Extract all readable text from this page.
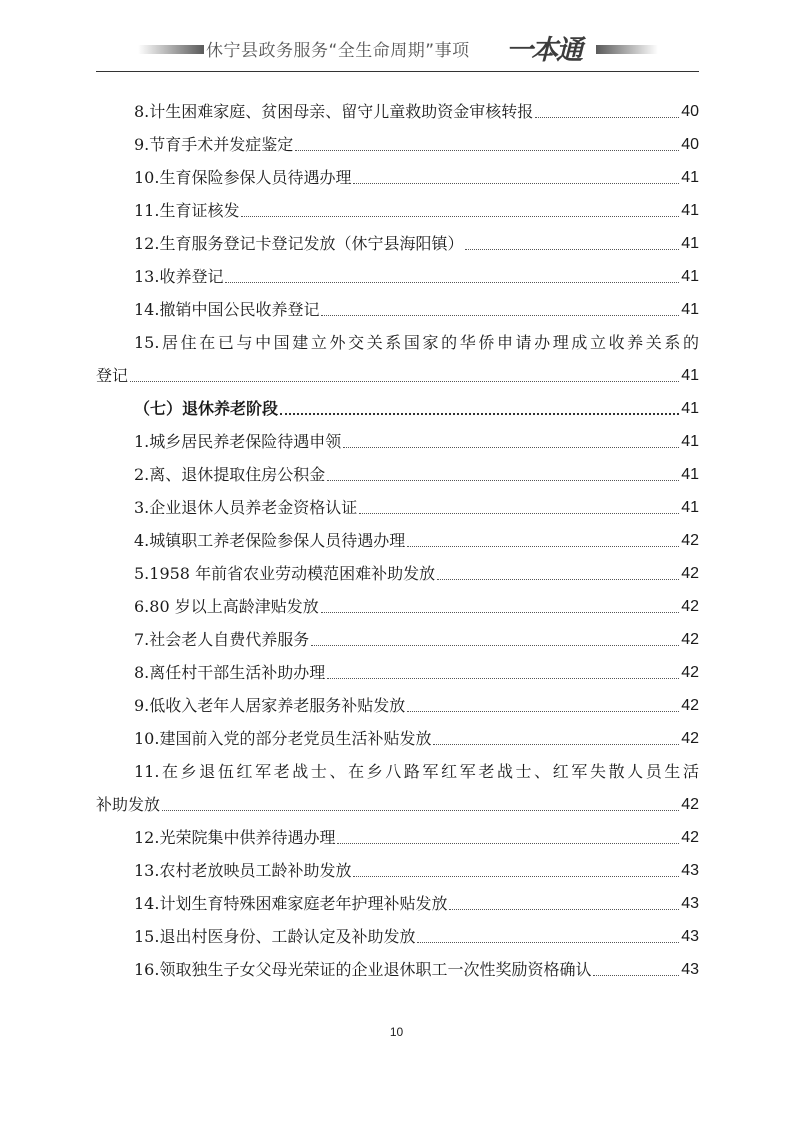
休宁县政务服务“全生命周期”事项 一本通
8.计生困难家庭、贫困母亲、留守儿童救助资金审核转报	40
9.节育手术并发症鉴定	40
10.生育保险参保人员待遇办理	41
11.生育证核发	41
12.生育服务登记卡登记发放（休宁县海阳镇）	41
13.收养登记	41
14.撤销中国公民收养登记	41
15.居住在已与中国建立外交关系国家的华侨申请办理成立收养关系的
登记	41
（七）退休养老阶段	41
1.城乡居民养老保险待遇申领	41
2.离、退休提取住房公积金	41
3.企业退休人员养老金资格认证	41
4.城镇职工养老保险参保人员待遇办理	42
5.1958 年前省农业劳动模范困难补助发放	42
6.80 岁以上高龄津贴发放	42
7.社会老人自费代养服务	42
8.离任村干部生活补助办理	42
9.低收入老年人居家养老服务补贴发放	42
10.建国前入党的部分老党员生活补贴发放	42
11.在乡退伍红军老战士、在乡八路军红军老战士、红军失散人员生活
补助发放	42
12.光荣院集中供养待遇办理	42
13.农村老放映员工龄补助发放	43
14.计划生育特殊困难家庭老年护理补贴发放	43
15.退出村医身份、工龄认定及补助发放	43
16.领取独生子女父母光荣证的企业退休职工一次性奖励资格确认	43
10
